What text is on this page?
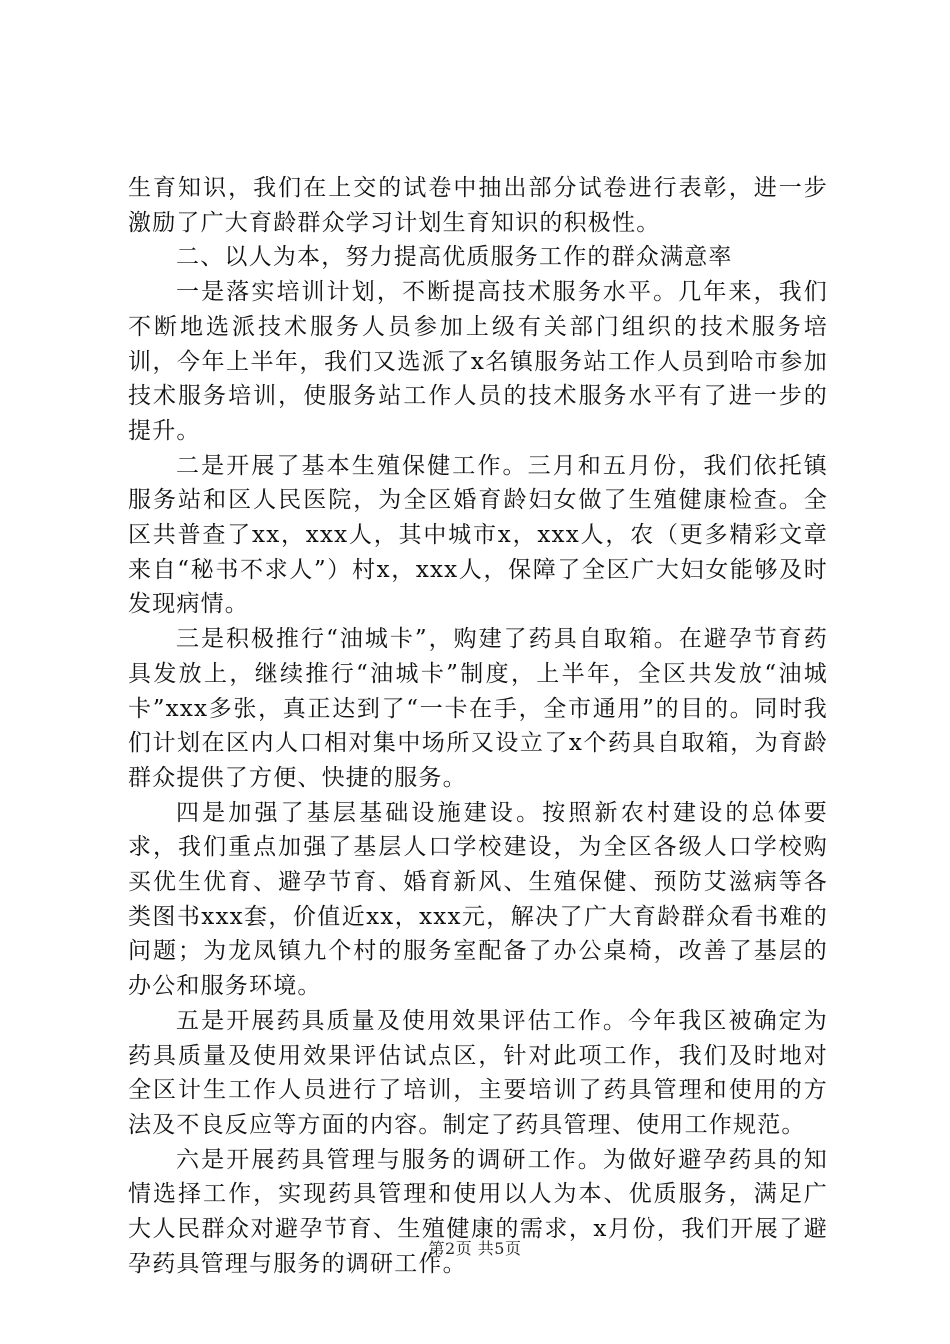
生育知识，我们在上交的试卷中抽出部分试卷进行表彰，进一步激励了广大育龄群众学习计划生育知识的积极性。

二、以人为本，努力提高优质服务工作的群众满意率

一是落实培训计划，不断提高技术服务水平。几年来，我们不断地选派技术服务人员参加上级有关部门组织的技术服务培训，今年上半年，我们又选派了x名镇服务站工作人员到哈市参加技术服务培训，使服务站工作人员的技术服务水平有了进一步的提升。

二是开展了基本生殖保健工作。三月和五月份，我们依托镇服务站和区人民医院，为全区婚育龄妇女做了生殖健康检查。全区共普查了xx，xxx人，其中城市x，xxx人，农（更多精彩文章来自“秘书不求人”）村x，xxx人，保障了全区广大妇女能够及时发现病情。

三是积极推行“油城卡”，购建了药具自取箱。在避孕节育药具发放上，继续推行“油城卡”制度，上半年，全区共发放“油城卡”xxx多张，真正达到了“一卡在手，全市通用”的目的。同时我们计划在区内人口相对集中场所又设立了x个药具自取箱，为育龄群众提供了方便、快捷的服务。

四是加强了基层基础设施建设。按照新农村建设的总体要求，我们重点加强了基层人口学校建设，为全区各级人口学校购买优生优育、避孕节育、婚育新风、生殖保健、预防艾滋病等各类图书xxx套，价值近xx，xxx元，解决了广大育龄群众看书难的问题；为龙凤镇九个村的服务室配备了办公桌椅，改善了基层的办公和服务环境。

五是开展药具质量及使用效果评估工作。今年我区被确定为药具质量及使用效果评估试点区，针对此项工作，我们及时地对全区计生工作人员进行了培训，主要培训了药具管理和使用的方法及不良反应等方面的内容。制定了药具管理、使用工作规范。

六是开展药具管理与服务的调研工作。为做好避孕药具的知情选择工作，实现药具管理和使用以人为本、优质服务，满足广大人民群众对避孕节育、生殖健康的需求，x月份，我们开展了避孕药具管理与服务的调研工作。

第2页 共5页
